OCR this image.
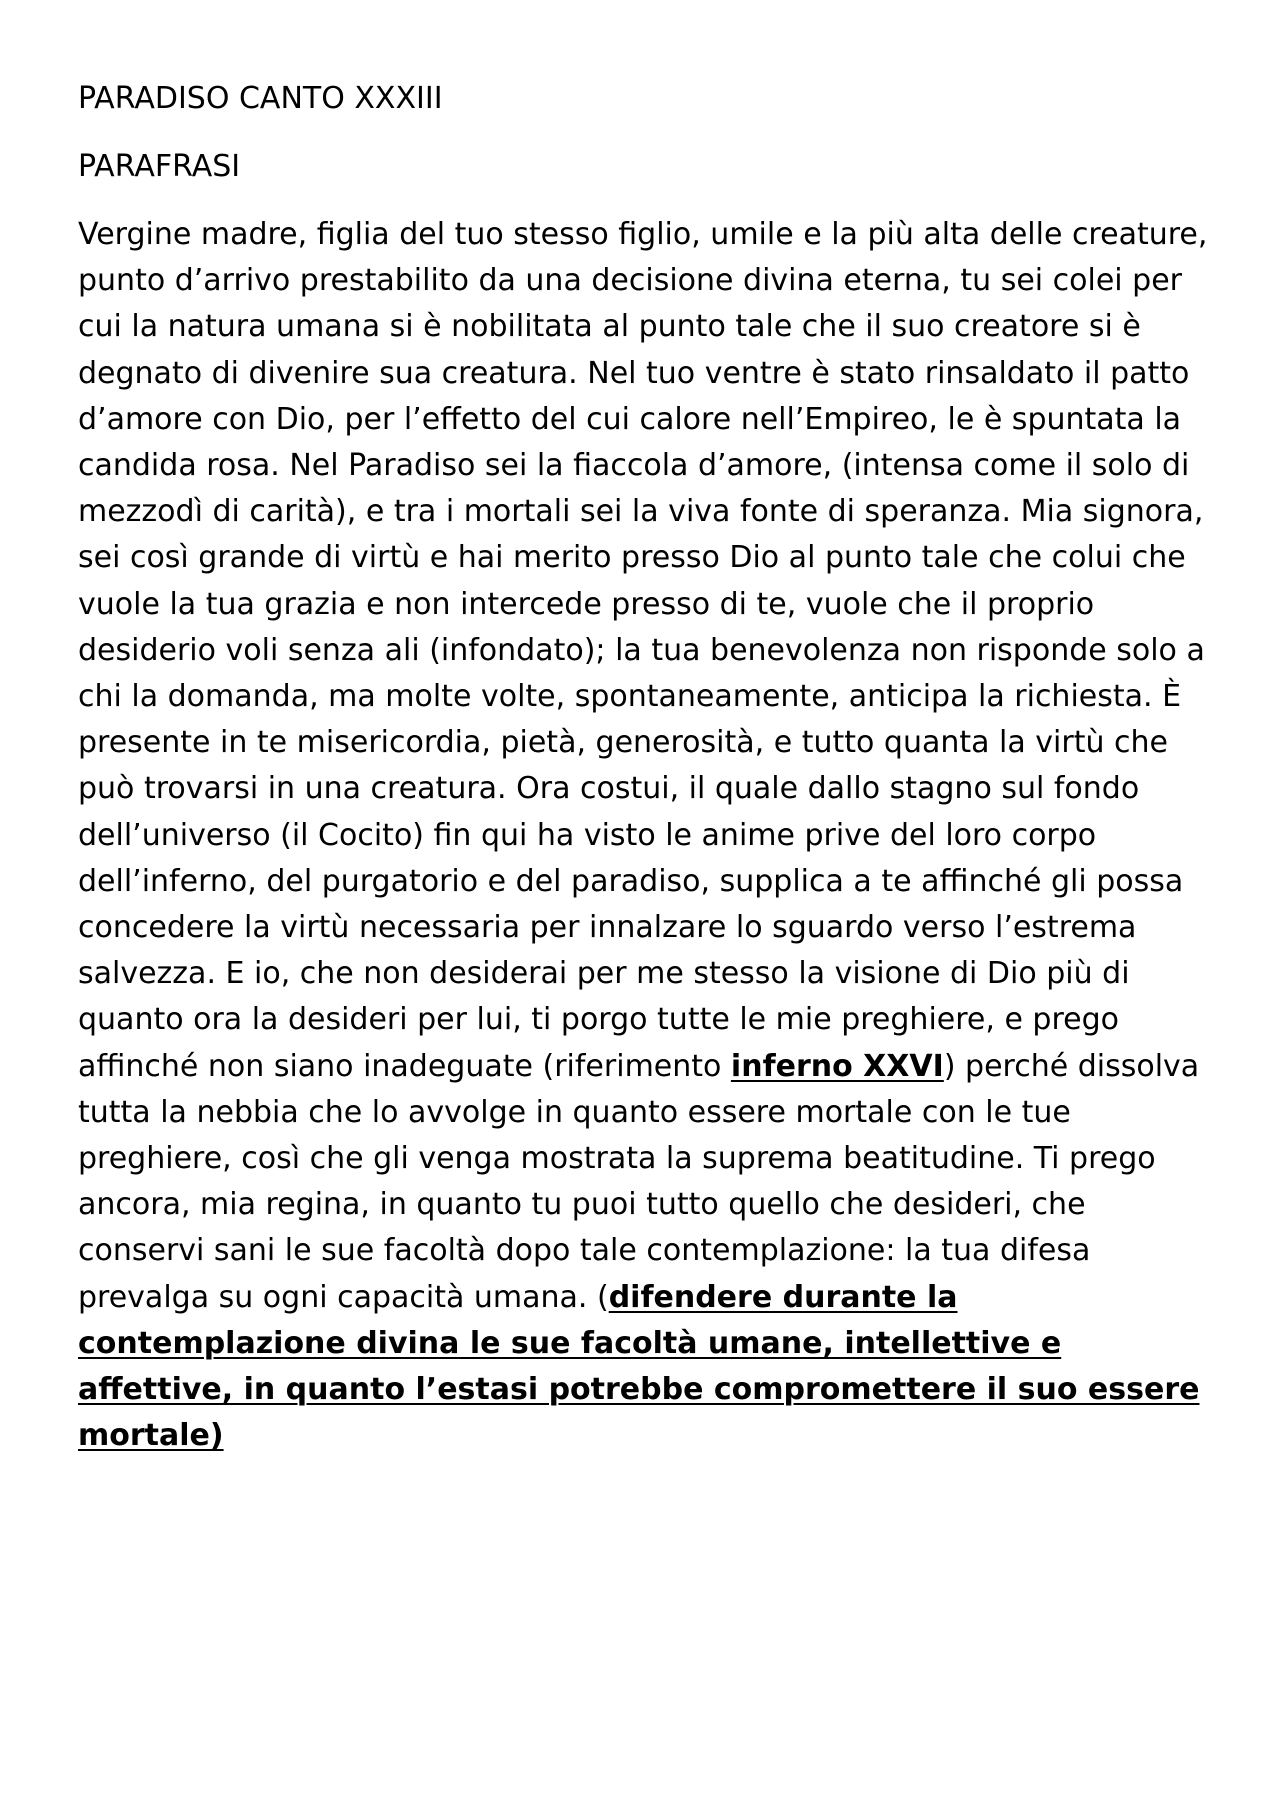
PARADISO CANTO XXXIII
PARAFRASI

Vergine madre, figlia del tuo stesso figlio, umile e la più alta delle creature, punto d’arrivo prestabilito da una decisione divina eterna, tu sei colei per cui la natura umana si è nobilitata al punto tale che il suo creatore si è degnato di divenire sua creatura. Nel tuo ventre è stato rinsaldato il patto d’amore con Dio, per l’effetto del cui calore nell’Empireo, le è spuntata la candida rosa. Nel Paradiso sei la fiaccola d’amore, (intensa come il solo di mezzodì di carità), e tra i mortali sei la viva fonte di speranza. Mia signora, sei così grande di virtù e hai merito presso Dio al punto tale che colui che vuole la tua grazia e non intercede presso di te, vuole che il proprio desiderio voli senza ali (infondato); la tua benevolenza non risponde solo a chi la domanda, ma molte volte, spontaneamente, anticipa la richiesta. È presente in te misericordia, pietà, generosità, e tutto quanta la virtù che può trovarsi in una creatura. Ora costui, il quale dallo stagno sul fondo dell’universo (il Cocito) fin qui ha visto le anime prive del loro corpo dell’inferno, del purgatorio e del paradiso, supplica a te affinché gli possa concedere la virtù necessaria per innalzare lo sguardo verso l’estrema salvezza. E io, che non desiderai per me stesso la visione di Dio più di quanto ora la desideri per lui, ti porgo tutte le mie preghiere, e prego affinché non siano inadeguate (riferimento inferno XXVI) perché dissolva tutta la nebbia che lo avvolge in quanto essere mortale con le tue preghiere, così che gli venga mostrata la suprema beatitudine. Ti prego ancora, mia regina, in quanto tu puoi tutto quello che desideri, che conservi sani le sue facoltà dopo tale contemplazione: la tua difesa prevalga su ogni capacità umana. (difendere durante la contemplazione divina le sue facoltà umane, intellettive e affettive, in quanto l’estasi potrebbe compromettere il suo essere mortale)
